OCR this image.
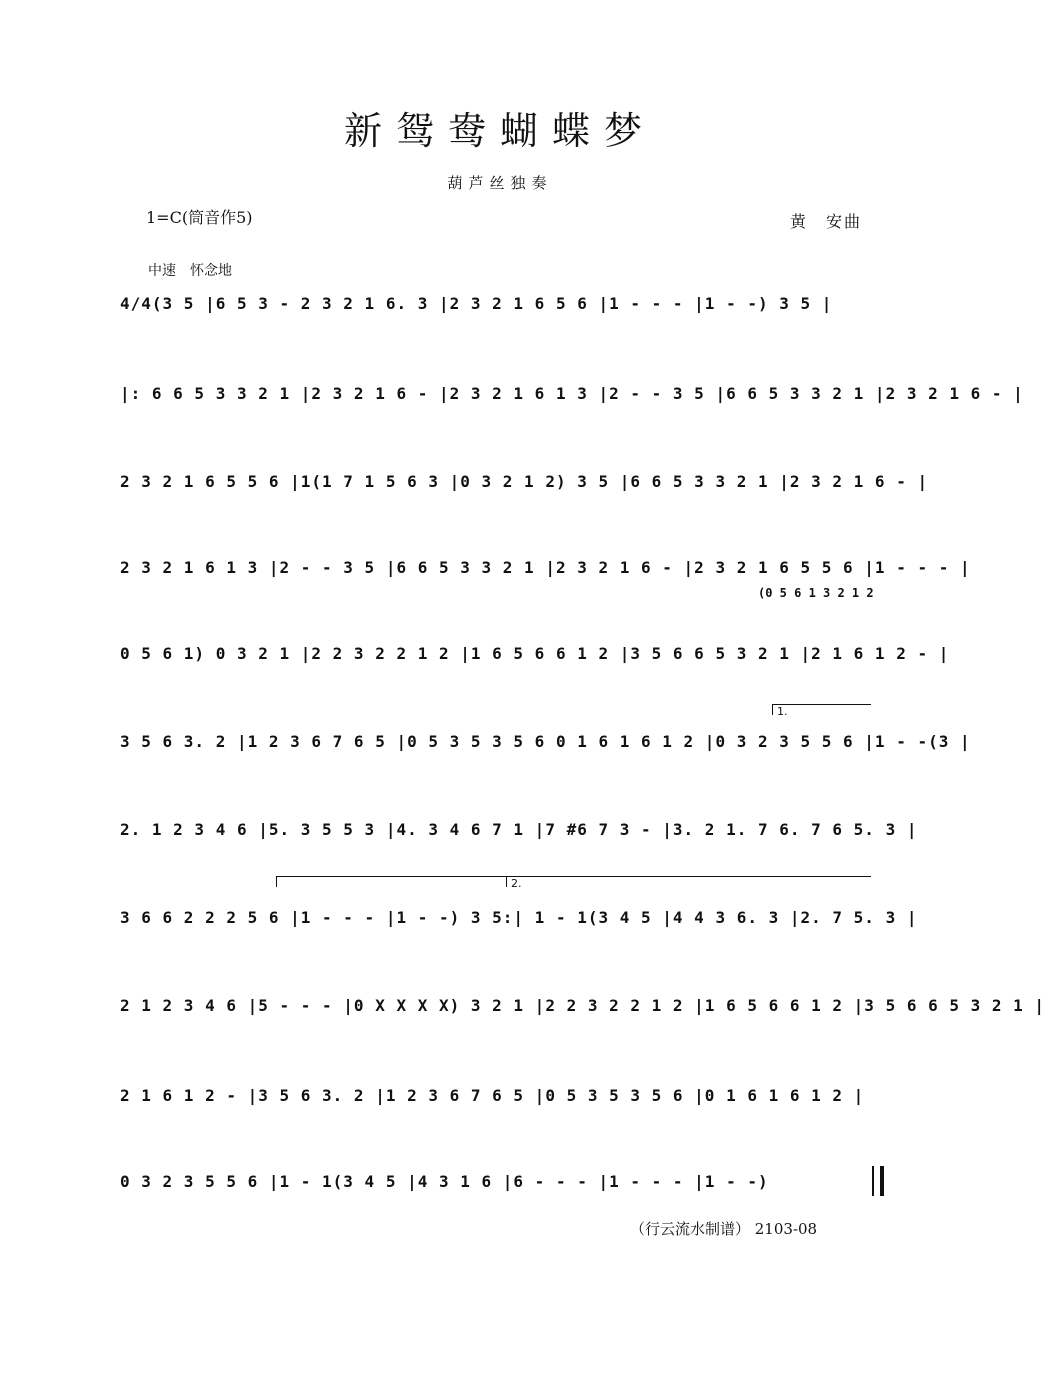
新鸳鸯蝴蝶梦
葫芦丝独奏
1=C(筒音作5)	黄　安曲
中速　怀念地
4/4(3 5 |6 5 3 - 2 3 2 1 6. 3 |2 3 2 1 6 5 6 |1 - - - |1 - -) 3 5 |
|: 6 6 5 3 3 2 1 |2 3 2 1 6 - |2 3 2 1 6 1 3 |2 - - 3 5 |6 6 5 3 3 2 1 |2 3 2 1 6 - |
2 3 2 1 6 5 5 6 |1(1 7 1 5 6 3 |0 3 2 1 2) 3 5 |6 6 5 3 3 2 1 |2 3 2 1 6 - |
2 3 2 1 6 1 3 |2 - - 3 5 |6 6 5 3 3 2 1 |2 3 2 1 6 - |2 3 2 1 6 5 5 6 |1 - - - |
(0 5 6 1 3 2 1 2
0 5 6 1) 0 3 2 1 |2 2 3 2 2 1 2 |1 6 5 6 6 1 2 |3 5 6 6 5 3 2 1 |2 1 6 1 2 - |
1.
3 5 6 3. 2 |1 2 3 6 7 6 5 |0 5 3 5 3 5 6 0 1 6 1 6 1 2 |0 3 2 3 5 5 6 |1 - -(3 |
2. 1 2 3 4 6 |5. 3 5 5 3 |4. 3 4 6 7 1 |7 #6 7 3 - |3. 2 1. 7 6. 7 6 5. 3 |
2.
3 6 6 2 2 2 5 6 |1 - - - |1 - -) 3 5:| 1 - 1(3 4 5 |4 4 3 6. 3 |2. 7 5. 3 |
2 1 2 3 4 6 |5 - - - |0 X X X X) 3 2 1 |2 2 3 2 2 1 2 |1 6 5 6 6 1 2 |3 5 6 6 5 3 2 1 |
2 1 6 1 2 - |3 5 6 3. 2 |1 2 3 6 7 6 5 |0 5 3 5 3 5 6 |0 1 6 1 6 1 2 |
0 3 2 3 5 5 6 |1 - 1(3 4 5 |4 3 1 6 |6 - - - |1 - - - |1 - -)
（行云流水制谱） 2103-08
